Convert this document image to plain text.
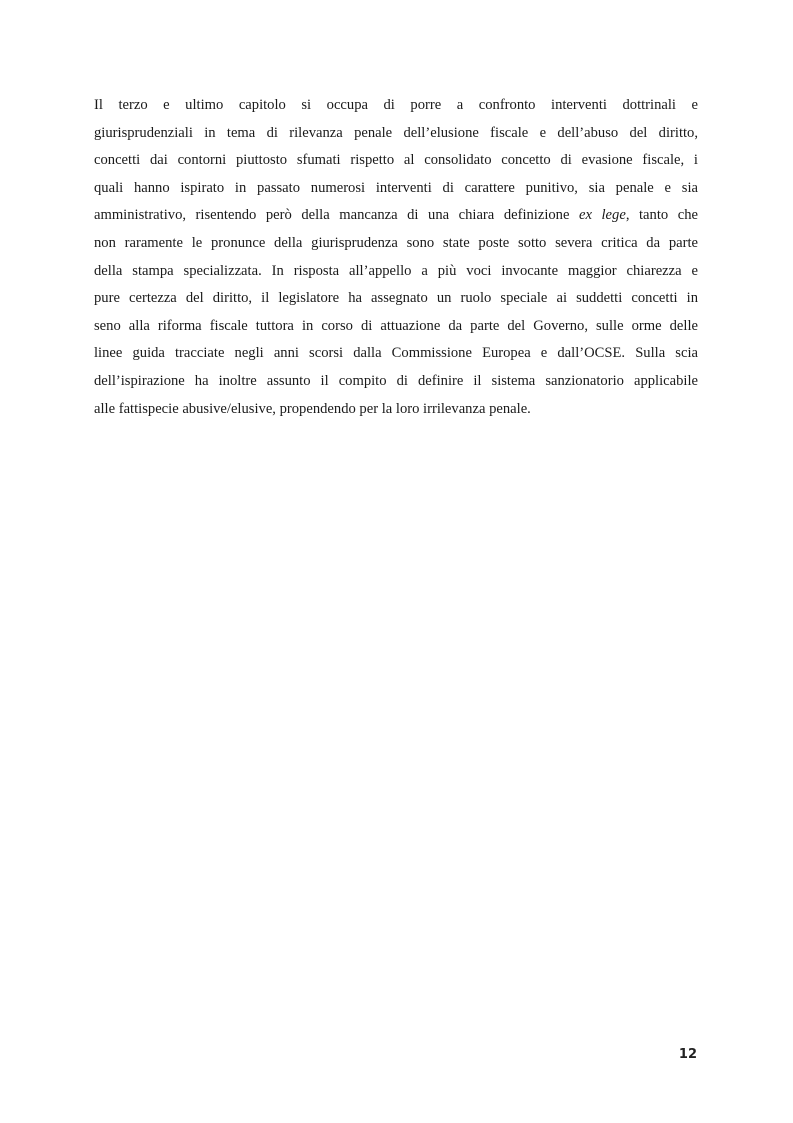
Il terzo e ultimo capitolo si occupa di porre a confronto interventi dottrinali e
giurisprudenziali in tema di rilevanza penale dell’elusione fiscale e dell’abuso del diritto,
concetti dai contorni piuttosto sfumati rispetto al consolidato concetto di evasione fiscale, i
quali hanno ispirato in passato numerosi interventi di carattere punitivo, sia penale e sia
amministrativo, risentendo però della mancanza di una chiara definizione ex lege, tanto che
non raramente le pronunce della giurisprudenza sono state poste sotto severa critica da parte
della stampa specializzata. In risposta all’appello a più voci invocante maggior chiarezza e
pure certezza del diritto, il legislatore ha assegnato un ruolo speciale ai suddetti concetti in
seno alla riforma fiscale tuttora in corso di attuazione da parte del Governo, sulle orme delle
linee guida tracciate negli anni scorsi dalla Commissione Europea e dall’OCSE. Sulla scia
dell’ispirazione ha inoltre assunto il compito di definire il sistema sanzionatorio applicabile
alle fattispecie abusive/elusive, propendendo per la loro irrilevanza penale.
12
